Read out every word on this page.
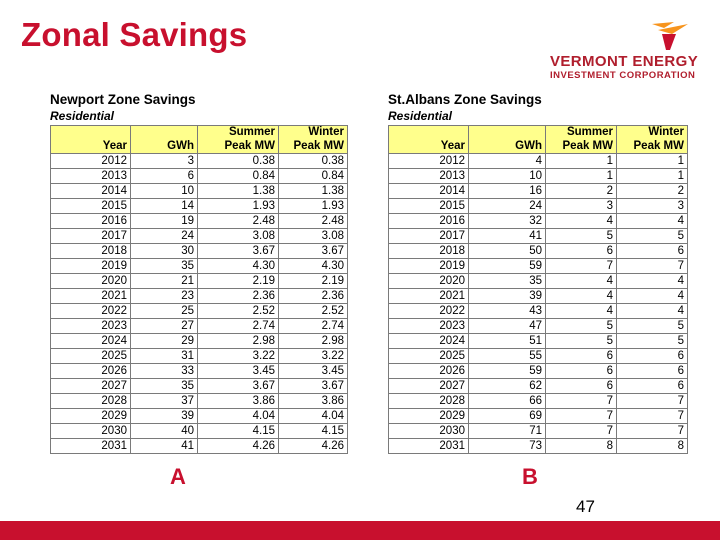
Zonal Savings
VERMONT ENERGY
INVESTMENT CORPORATION
Newport Zone Savings
Residential
		Summer	Winter
Year	GWh	Peak MW	Peak MW
2012	3	0.38	0.38
2013	6	0.84	0.84
2014	10	1.38	1.38
2015	14	1.93	1.93
2016	19	2.48	2.48
2017	24	3.08	3.08
2018	30	3.67	3.67
2019	35	4.30	4.30
2020	21	2.19	2.19
2021	23	2.36	2.36
2022	25	2.52	2.52
2023	27	2.74	2.74
2024	29	2.98	2.98
2025	31	3.22	3.22
2026	33	3.45	3.45
2027	35	3.67	3.67
2028	37	3.86	3.86
2029	39	4.04	4.04
2030	40	4.15	4.15
2031	41	4.26	4.26
St.Albans Zone Savings
Residential
		Summer	Winter
Year	GWh	Peak MW	Peak MW
2012	4	1	1
2013	10	1	1
2014	16	2	2
2015	24	3	3
2016	32	4	4
2017	41	5	5
2018	50	6	6
2019	59	7	7
2020	35	4	4
2021	39	4	4
2022	43	4	4
2023	47	5	5
2024	51	5	5
2025	55	6	6
2026	59	6	6
2027	62	6	6
2028	66	7	7
2029	69	7	7
2030	71	7	7
2031	73	8	8
A	B
47
